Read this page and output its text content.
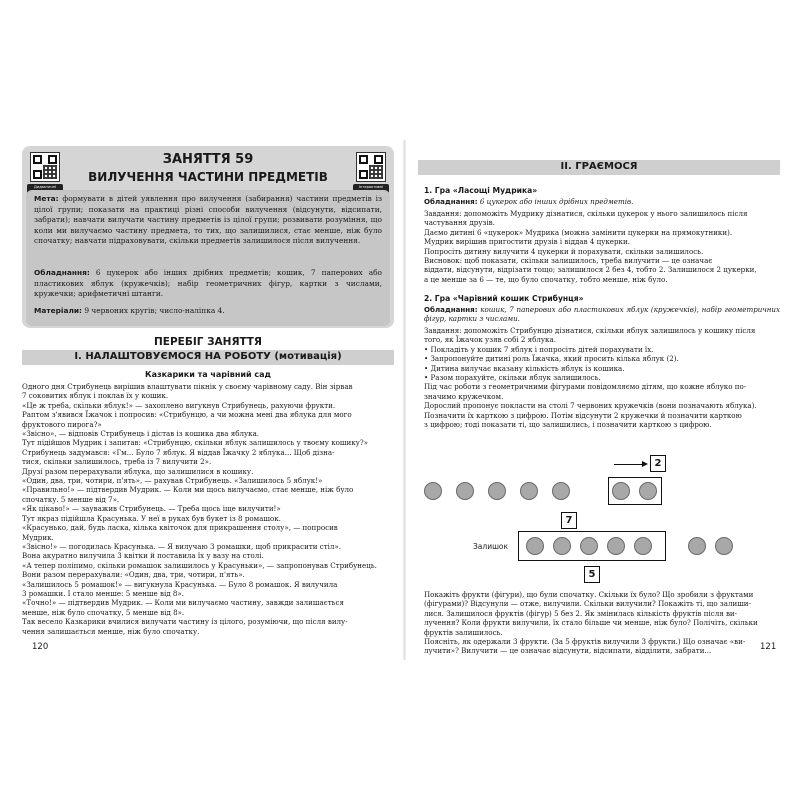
Дидактичні	Інтерактивні
ЗАНЯТТЯ 59
ВИЛУЧЕННЯ ЧАСТИНИ ПРЕДМЕТІВ
Мета: формувати в дітей уявлення про вилучення (забирання) частини предметів із цілої групи; показати на практиці різні способи вилучення (відсунути, відсипати, забрати); навчати вилучати частину предметів із цілої групи; розвивати розуміння, що коли ми вилучаємо частину предмета, то тих, що залишилися, стає менше, ніж було спочатку; навчати підраховувати, скільки предметів залишилося після вилучення.
Обладнання: 6 цукерок або інших дрібних предметів; кошик, 7 паперових або пластикових яблук (кружечків); набір геометричних фігур, картки з числами, кружечки; арифметичні штанги.
Матеріали: 9 червоних кругів; число-наліпка 4.
ПЕРЕБІГ ЗАНЯТТЯ
І. НАЛАШТОВУЄМОСЯ НА РОБОТУ (мотивація)
Казкарики та чарівний сад
Одного дня Стрибунець вирішив влаштувати пікнік у своєму чарівному саду. Він зірвав
7 соковитих яблук і поклав їх у кошик.
«Це ж треба, скільки яблук!» — захоплено вигукнув Стрибунець, рахуючи фрукти.
Раптом з'явився Їжачок і попросив: «Стрибунцю, а чи можна мені два яблука для мого
фруктового пирога?»
«Звісно», — відповів Стрибунець і дістав із кошика два яблука.
Тут підійшов Мудрик і запитав: «Стрибунцю, скільки яблук залишилось у твоєму кошику?»
Стрибунець задумався: «Гм... Було 7 яблук. Я віддав Їжачку 2 яблука... Щоб дізна-
тися, скільки залишилось, треба із 7 вилучити 2».
Друзі разом перерахували яблука, що залишилися в кошику.
«Один, два, три, чотири, п'ять», — рахував Стрибунець. «Залишилось 5 яблук!»
«Правильно!» — підтвердив Мудрик. — Коли ми щось вилучаємо, стає менше, ніж було
спочатку. 5 менше від 7».
«Як цікаво!» — зауважив Стрибунець. — Треба щось іще вилучити!»
Тут якраз підійшла Красунька. У неї в руках був букет із 8 ромашок.
«Красунько, дай, будь ласка, кілька квіточок для прикрашення столу», — попросив
Мудрик.
«Звісно!» — погодилась Красунька. — Я вилучаю 3 ромашки, щоб прикрасити стіл».
Вона акуратно вилучила 3 квітки й поставила їх у вазу на столі.
«А тепер поліпимо, скільки ромашок залишилось у Красуньки», — запропонував Стрибунець.
Вони разом перерахували: «Один, два, три, чотири, п'ять».
«Залишилось 5 ромашок!» — вигукнула Красунька. — Було 8 ромашок. Я вилучила
3 ромашки. І стало менше: 5 менше від 8».
«Точно!» — підтвердив Мудрик. — Коли ми вилучаємо частину, завжди залишається
менше, ніж було спочатку, 5 менше від 8».
Так весело Казкарики вчилися вилучати частину із цілого, розуміючи, що після вилу-
чення залишається менше, ніж було спочатку.
120
ІІ. ГРАЄМОСЯ
1. Гра «Ласощі Мудрика»
Обладнання: 6 цукерок або інших дрібних предметів.
Завдання: допоможіть Мудрику дізнатися, скільки цукерок у нього залишилось після
частування друзів.
Даємо дитині 6 «цукерок» Мудрика (можна замінити цукерки на прямокутники).
Мудрик вирішив пригостити друзів і віддав 4 цукерки.
Попросіть дитину вилучити 4 цукерки й порахувати, скільки залишилось.
Висновок: щоб показати, скільки залишилось, треба вилучити — це означає
віддати, відсунути, відрізати тощо; залишилося 2 без 4, тобто 2. Залишилося 2 цукерки,
а це менше за 6 — те, що було спочатку, тобто менше, ніж було.
2. Гра «Чарівний кошик Стрибунця»
Обладнання: кошик, 7 паперових або пластикових яблук (кружечків), набір геометричних фігур, картки з числами.
Завдання: допоможіть Стрибунцю дізнатися, скільки яблук залишилось у кошику після
того, як Їжачок узяв собі 2 яблука.
• Покладіть у кошик 7 яблук і попросіть дітей порахувати їх.
• Запропонуйте дитині роль Їжачка, який просить кілька яблук (2).
• Дитина вилучає вказану кількість яблук із кошика.
• Разом порахуйте, скільки яблук залишилось.
Під час роботи з геометричними фігурами повідомляємо дітям, що кожне яблуко по-
значимо кружечком.
Дорослий пропонує покласти на столі 7 червоних кружечків (вони позначають яблука).
Позначити їх карткою з цифрою. Потім відсунути 2 кружечки й позначити карткою
з цифрою; тоді показати ті, що залишились, і позначити карткою з цифрою.
2
7
Залишок
5
Покажіть фрукти (фігури), що були спочатку. Скільки їх було? Що зробили з фруктами
(фігурами)? Відсунули — отже, вилучили. Скільки вилучили? Покажіть ті, що залиши-
лися. Залишилося фруктів (фігур) 5 без 2. Як змінилась кількість фруктів після ви-
лучення? Коли фрукти вилучили, їх стало більше чи менше, ніж було? Полічіть, скільки
фруктів залишилось.
Поясніть, як одержали 3 фрукти. (За 5 фруктів вилучили 3 фрукти.) Що означає «ви-
лучити»? Вилучити — це означає відсунути, відсипати, відділити, забрати...	121
